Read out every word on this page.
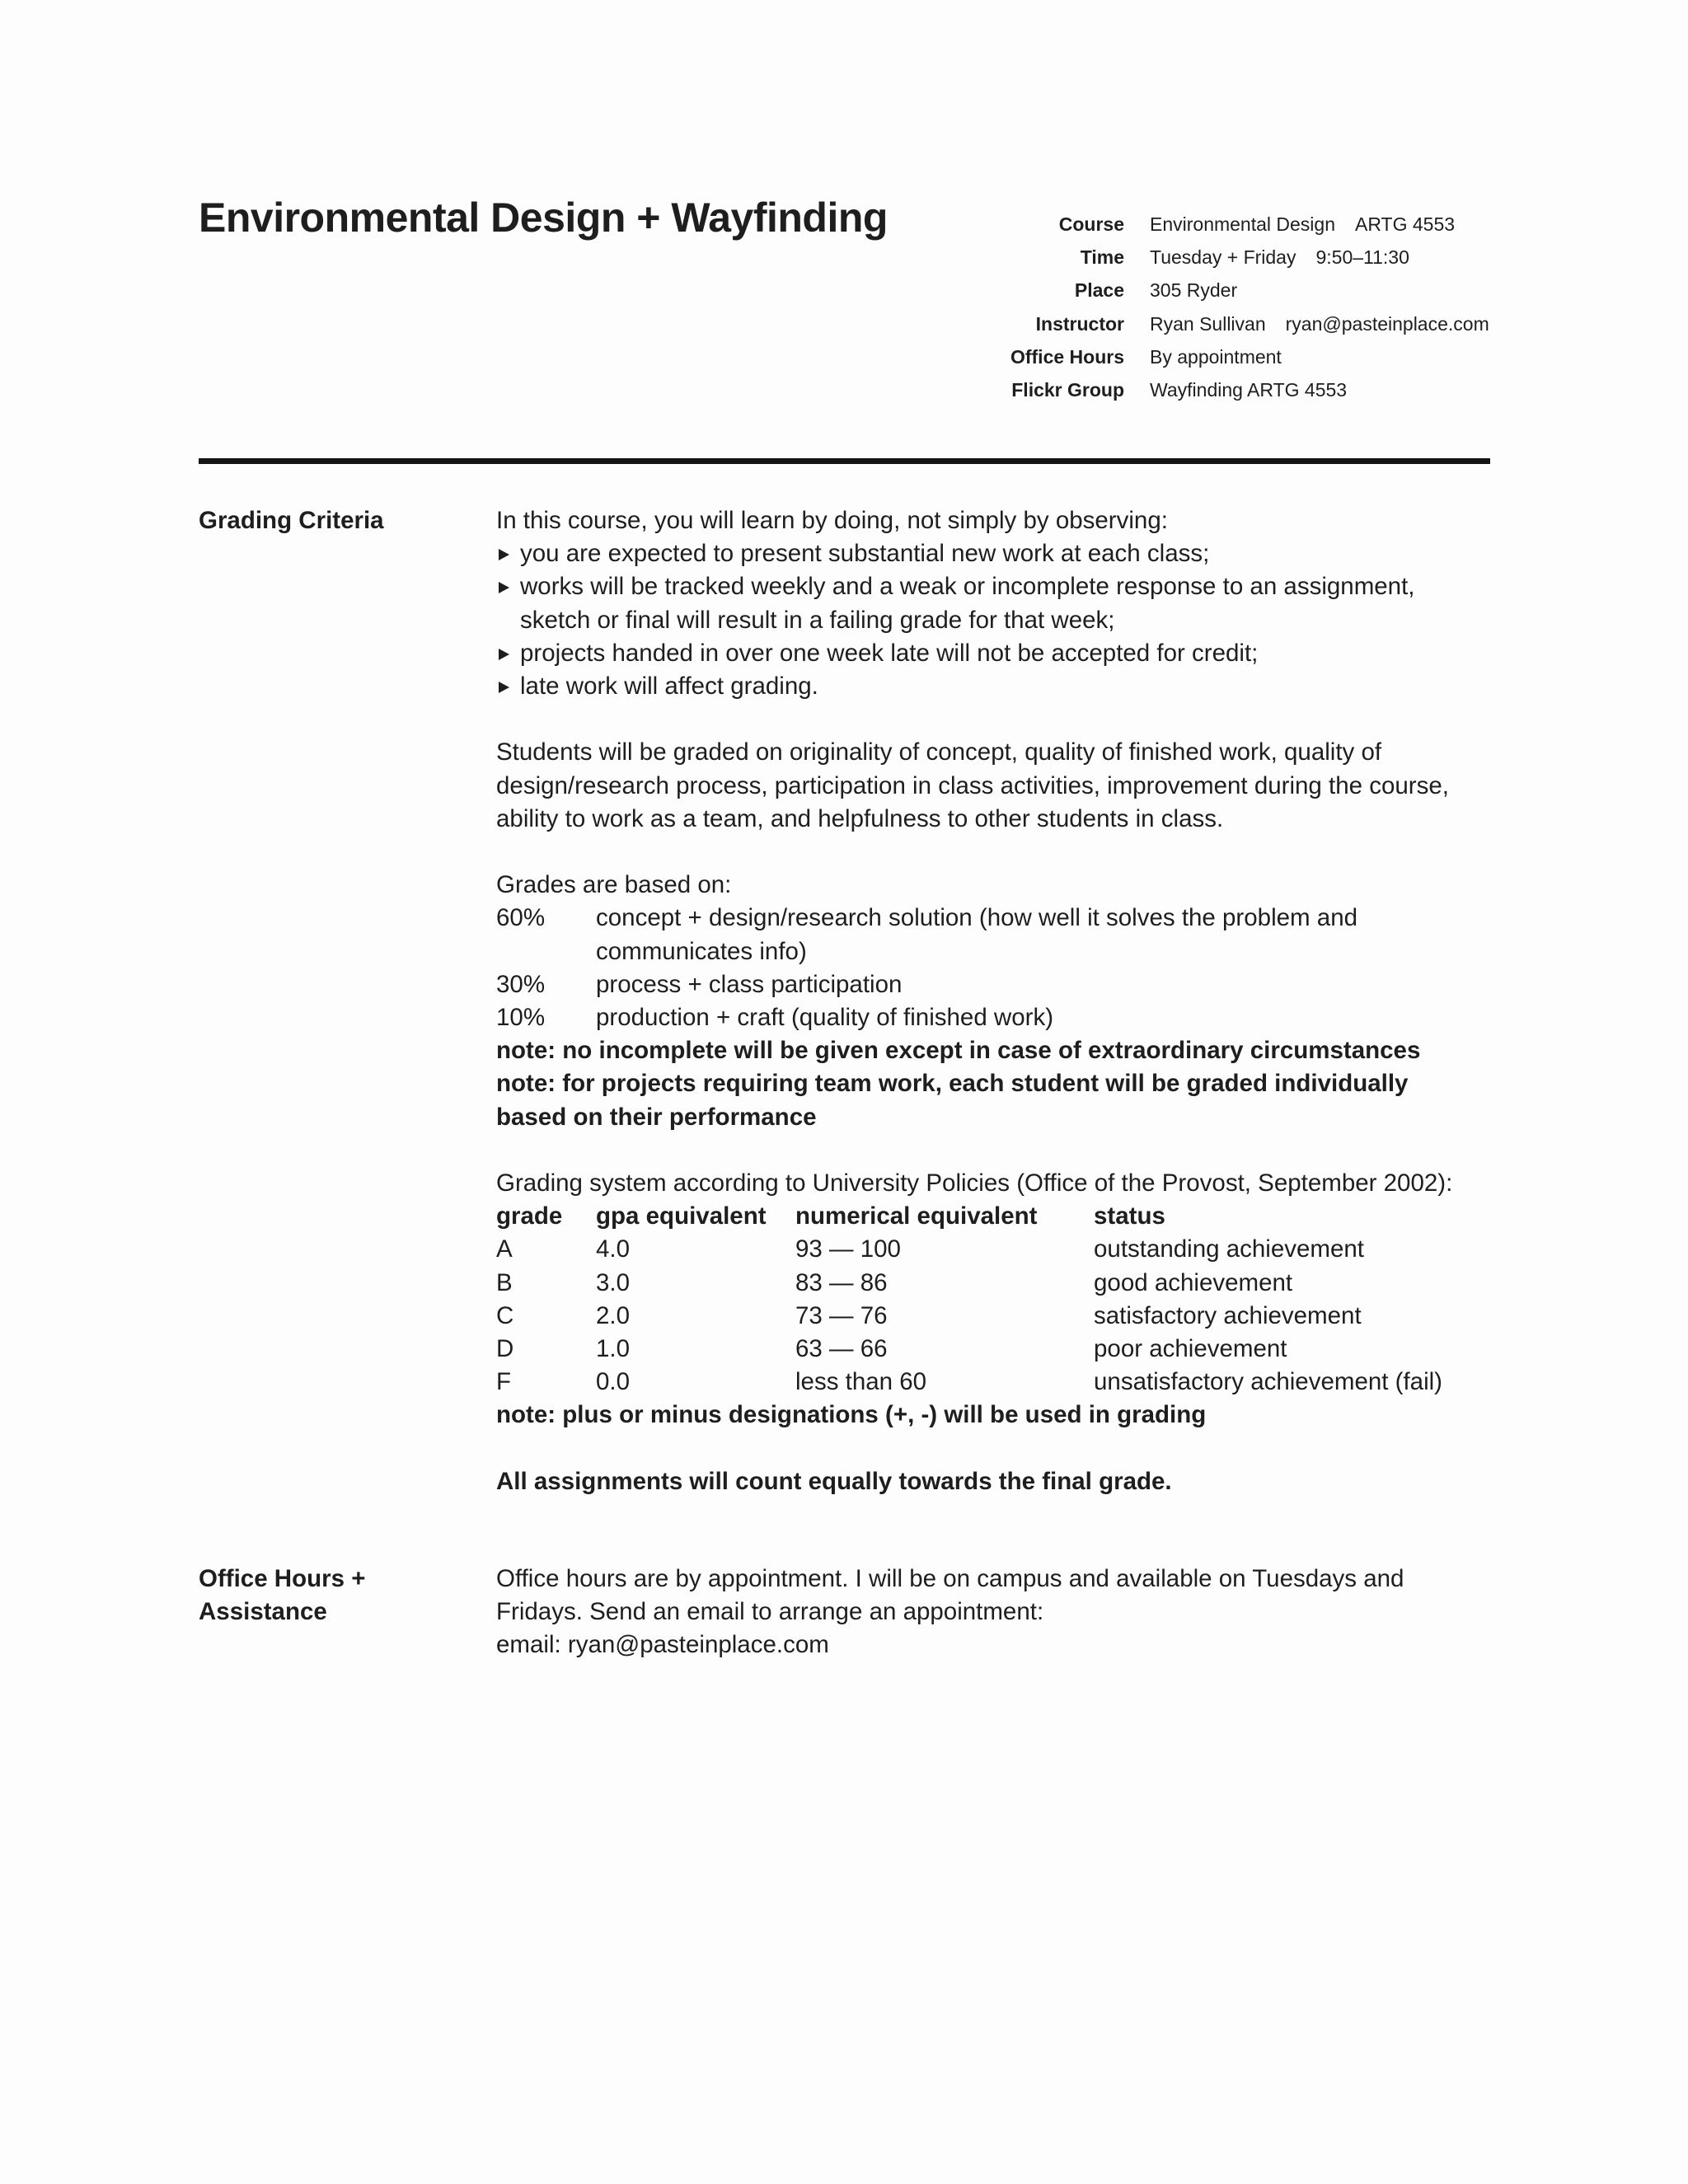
Environmental Design + Wayfinding	Course Environmental Design ARTG 4553
Time Tuesday + Friday 9:50–11:30
Place 305 Ryder
Instructor Ryan Sullivan ryan@pasteinplace.com
Office Hours By appointment
Flickr Group Wayfinding ARTG 4553
Grading Criteria	In this course, you will learn by doing, not simply by observing:

you are expected to present substantial new work at each class;
works will be tracked weekly and a weak or incomplete response to an assignment, sketch or final will result in a failing grade for that week;
projects handed in over one week late will not be accepted for credit;
late work will affect grading.

Students will be graded on originality of concept, quality of finished work, quality of design/research process, participation in class activities, improvement during the course, ability to work as a team, and helpfulness to other students in class.

Grades are based on:

60%	concept + design/research solution (how well it solves the problem and communicates info)
30%	process + class participation
10%	production + craft (quality of finished work)

note: no incomplete will be given except in case of extraordinary circumstances

note: for projects requiring team work, each student will be graded individually based on their performance

Grading system according to University Policies (Office of the Provost, September 2002):

grade	gpa equivalent	numerical equivalent	status
A	4.0	93 — 100	outstanding achievement
B	3.0	83 — 86	good achievement
C	2.0	73 — 76	satisfactory achievement
D	1.0	63 — 66	poor achievement
F	0.0	less than 60	unsatisfactory achievement (fail)

note: plus or minus designations (+, -) will be used in grading

All assignments will count equally towards the final grade.

Office Hours +
Assistance

Office hours are by appointment. I will be on campus and available on Tuesdays and Fridays. Send an email to arrange an appointment:

email: ryan@pasteinplace.com
